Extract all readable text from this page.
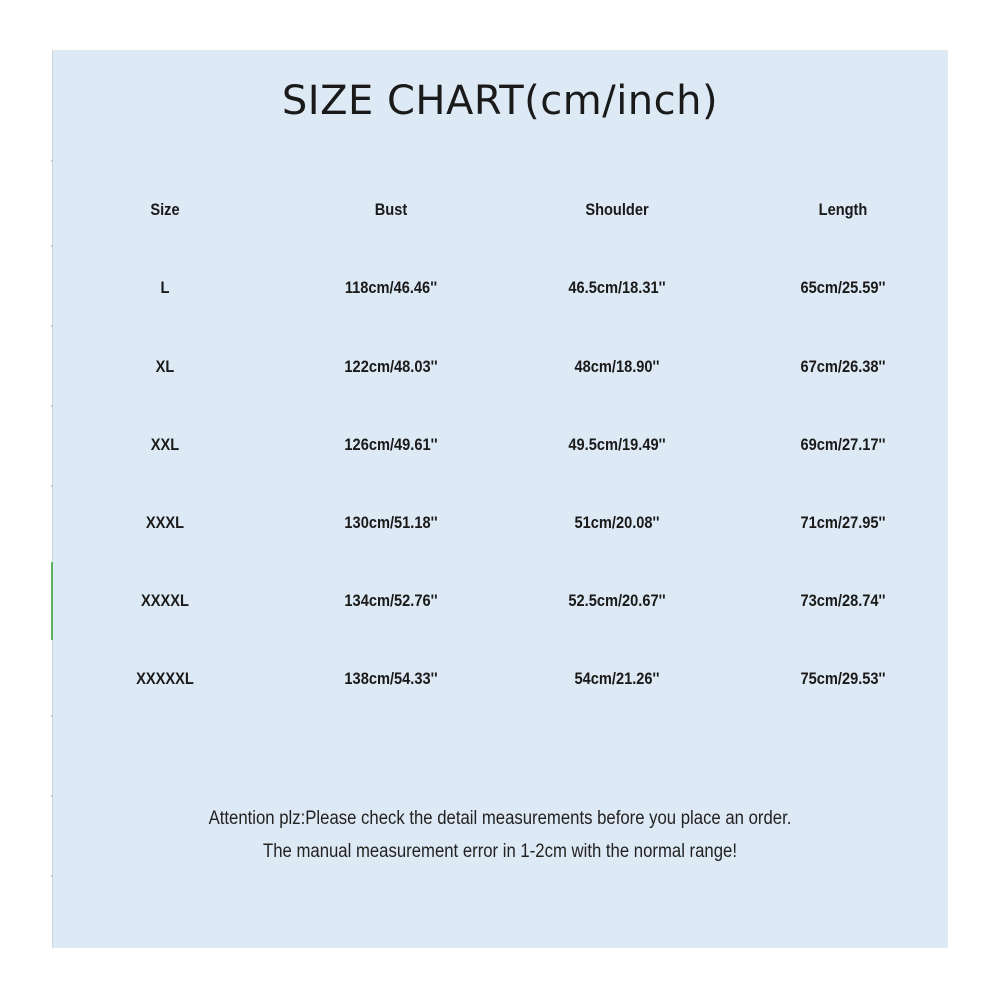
SIZE CHART(cm/inch)
Size	Bust	Shoulder	Length
L	118cm/46.46''	46.5cm/18.31''	65cm/25.59''
XL	122cm/48.03''	48cm/18.90''	67cm/26.38''
XXL	126cm/49.61''	49.5cm/19.49''	69cm/27.17''
XXXL	130cm/51.18''	51cm/20.08''	71cm/27.95''
XXXXL	134cm/52.76''	52.5cm/20.67''	73cm/28.74''
XXXXXL	138cm/54.33''	54cm/21.26''	75cm/29.53''
Attention plz:Please check the detail measurements before you place an order.
The manual measurement error in 1-2cm with the normal range!
